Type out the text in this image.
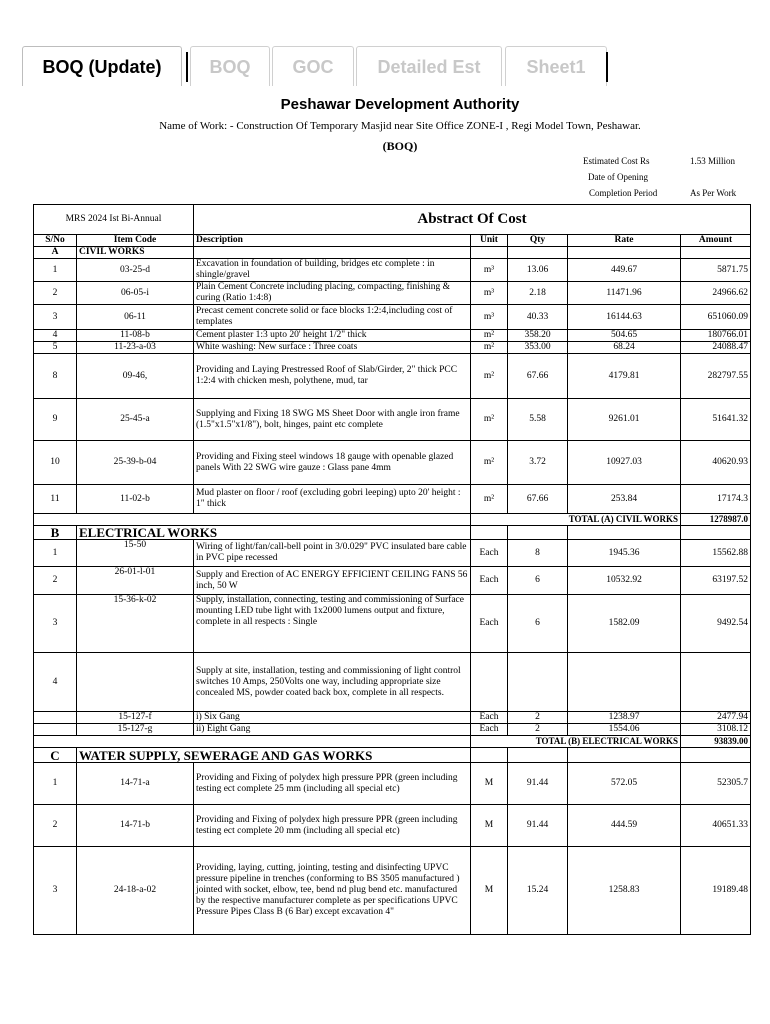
BOQ (Update)	BOQ	GOC	Detailed Est	Sheet1
Peshawar Development Authority
Name of Work: - Construction Of Temporary Masjid near Site Office ZONE-I , Regi Model Town, Peshawar.
(BOQ)
Estimated Cost Rs	1.53 Million
Date of Opening
Completion Period	As Per Work
MRS 2024 Ist Bi-Annual		Abstract Of Cost				
S/No	Item Code	Description	Unit	Qty	Rate	Amount
A	CIVIL WORKS					
1	03-25-d	Excavation in foundation of building, bridges etc complete : in shingle/gravel	m³	13.06	449.67	5871.75
2	06-05-i	Plain Cement Concrete including placing, compacting, finishing & curing (Ratio 1:4:8)	m³	2.18	11471.96	24966.62
3	06-11	Precast cement concrete solid or face blocks 1:2:4,including cost of templates	m³	40.33	16144.63	651060.09
4	11-08-b	Cement plaster 1:3 upto 20' height 1/2" thick	m²	358.20	504.65	180766.01
5	11-23-a-03	White washing: New surface : Three coats	m²	353.00	68.24	24088.47
8	09-46,	Providing and Laying Prestressed Roof of Slab/Girder, 2" thick PCC 1:2:4 with chicken mesh, polythene, mud, tar	m²	67.66	4179.81	282797.55
9	25-45-a	Supplying and Fixing 18 SWG MS Sheet Door with angle iron frame (1.5"x1.5"x1/8"), bolt, hinges, paint etc complete	m²	5.58	9261.01	51641.32
10	25-39-b-04	Providing and Fixing steel windows 18 gauge with openable glazed panels With 22 SWG wire gauze : Glass pane 4mm	m²	3.72	10927.03	40620.93
11	11-02-b	Mud plaster on floor / roof (excluding gobri leeping) upto 20' height : 1" thick	m²	67.66	253.84	17174.3
			TOTAL (A) CIVIL WORKS			1278987.0
B	ELECTRICAL WORKS					
1	15-50	Wiring of light/fan/call-bell point in 3/0.029" PVC insulated bare cable in PVC pipe recessed	Each	8	1945.36	15562.88
2	26-01-l-01	Supply and Erection of AC ENERGY EFFICIENT CEILING FANS 56 inch, 50 W	Each	6	10532.92	63197.52
3	15-36-k-02	Supply, installation, connecting, testing and commissioning of Surface mounting LED tube light with 1x2000 lumens output and fixture, complete in all respects : Single	Each	6	1582.09	9492.54
4		Supply at site, installation, testing and commissioning of light control switches 10 Amps, 250Volts one way, including appropriate size concealed MS, powder coated back box, complete in all respects.				
	15-127-f	i) Six Gang	Each	2	1238.97	2477.94
	15-127-g	ii) Eight Gang	Each	2	1554.06	3108.12
			TOTAL (B) ELECTRICAL WORKS			93839.00
C	WATER SUPPLY, SEWERAGE AND GAS WORKS					
1	14-71-a	Providing and Fixing of polydex high pressure PPR (green including testing ect complete 25 mm (including all special etc)	M	91.44	572.05	52305.7
2	14-71-b	Providing and Fixing of polydex high pressure PPR (green including testing ect complete 20 mm (including all special etc)	M	91.44	444.59	40651.33
3	24-18-a-02	Providing, laying, cutting, jointing, testing and disinfecting UPVC pressure pipeline in trenches (conforming to BS 3505 manufactured ) jointed with socket, elbow, tee, bend nd plug bend etc. manufactured by the respective manufacturer complete as per specifications UPVC Pressure Pipes Class B (6 Bar) except excavation 4"	M	15.24	1258.83	19189.48
